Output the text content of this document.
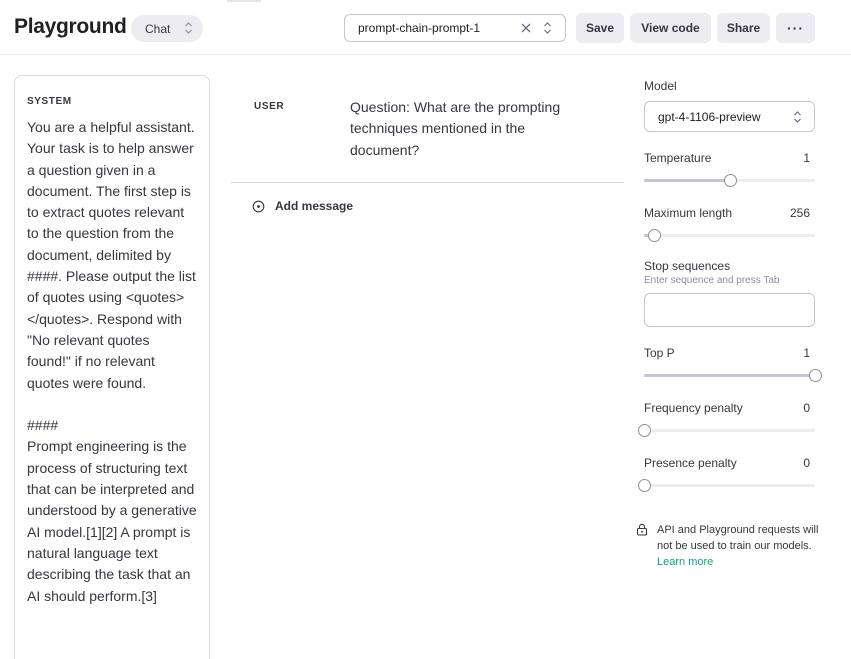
Playground Chat	prompt-chain-prompt-1	Save	View code	Share	···
SYSTEM
You are a helpful assistant. Your task is to help answer a question given in a document. The first step is to extract quotes relevant to the question from the document, delimited by ####. Please output the list of quotes using <quotes></quotes>. Respond with "No relevant quotes found!" if no relevant quotes were found.

####
Prompt engineering is the process of structuring text that can be interpreted and understood by a generative AI model.[1][2] A prompt is natural language text describing the task that an AI should perform.[3]
USER	Question: What are the prompting techniques mentioned in the document?
Add message
Model
gpt-4-1106-preview
Temperature	1
Maximum length	256
Stop sequences
Enter sequence and press Tab
Top P	1
Frequency penalty	0
Presence penalty	0
API and Playground requests will not be used to train our models. Learn more
